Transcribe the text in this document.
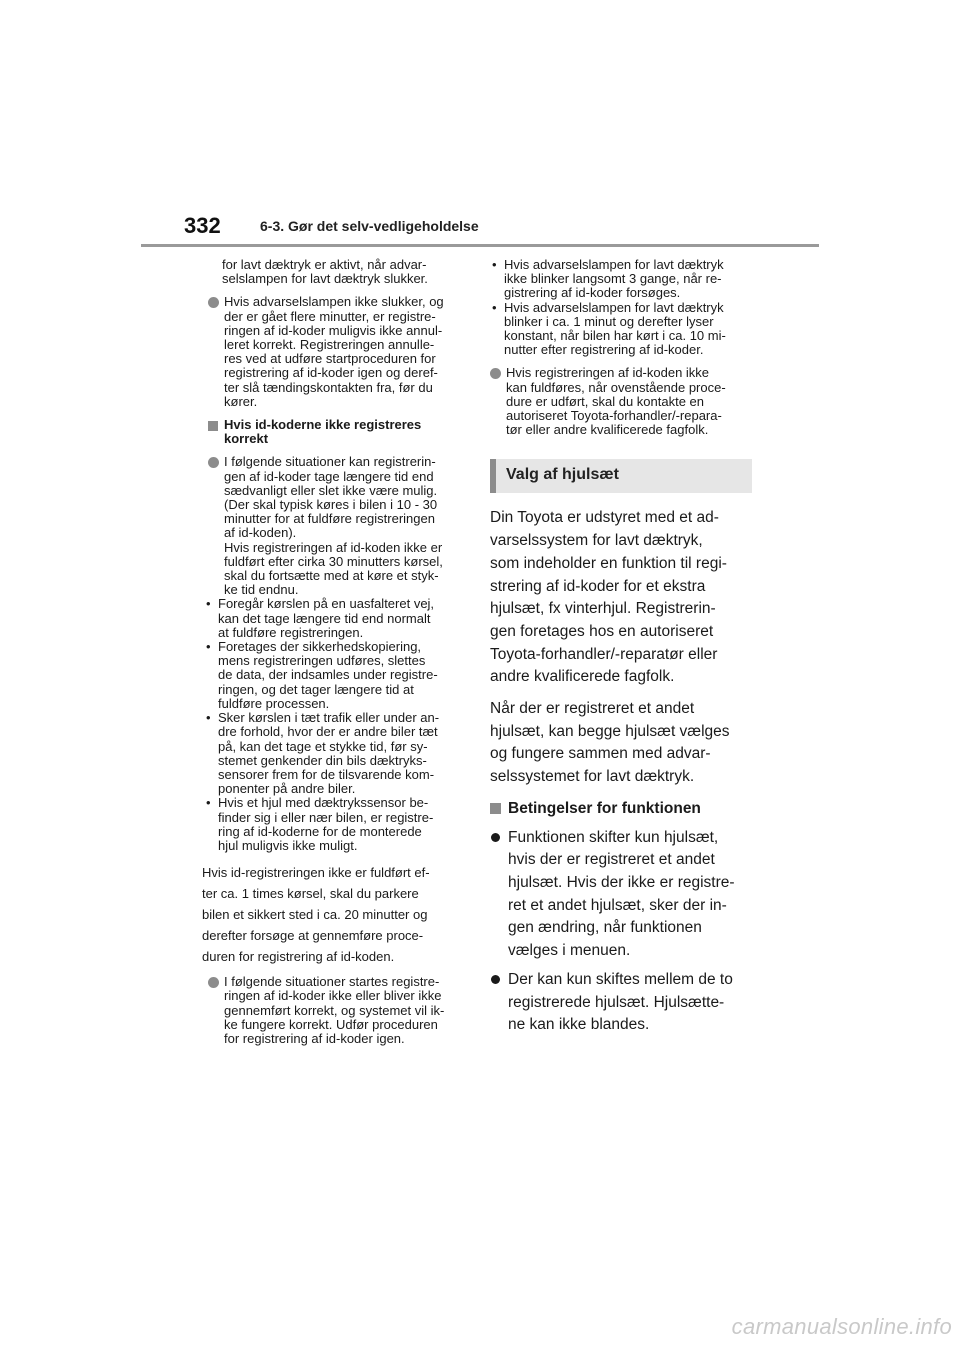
332	6-3. Gør det selv-vedligeholdelse
for lavt dæktryk er aktivt, når advar-
selslampen for lavt dæktryk slukker.
Hvis advarselslampen ikke slukker, og
der er gået flere minutter, er registre-
ringen af id-koder muligvis ikke annul-
leret korrekt. Registreringen annulle-
res ved at udføre startproceduren for
registrering af id-koder igen og deref-
ter slå tændingskontakten fra, før du
kører.
Hvis id-koderne ikke registreres
korrekt
I følgende situationer kan registrerin-
gen af id-koder tage længere tid end
sædvanligt eller slet ikke være mulig.
(Der skal typisk køres i bilen i 10 - 30
minutter for at fuldføre registreringen
af id-koden).
Hvis registreringen af id-koden ikke er
fuldført efter cirka 30 minutters kørsel,
skal du fortsætte med at køre et styk-
ke tid endnu.
• Foregår kørslen på en uasfalteret vej,
kan det tage længere tid end normalt
at fuldføre registreringen.
• Foretages der sikkerhedskopiering,
mens registreringen udføres, slettes
de data, der indsamles under registre-
ringen, og det tager længere tid at
fuldføre processen.
• Sker kørslen i tæt trafik eller under an-
dre forhold, hvor der er andre biler tæt
på, kan det tage et stykke tid, før sy-
stemet genkender din bils dæktryks-
sensorer frem for de tilsvarende kom-
ponenter på andre biler.
• Hvis et hjul med dæktrykssensor be-
finder sig i eller nær bilen, er registre-
ring af id-koderne for de monterede
hjul muligvis ikke muligt.
Hvis id-registreringen ikke er fuldført ef-
ter ca. 1 times kørsel, skal du parkere
bilen et sikkert sted i ca. 20 minutter og
derefter forsøge at gennemføre proce-
duren for registrering af id-koden.
I følgende situationer startes registre-
ringen af id-koder ikke eller bliver ikke
gennemført korrekt, og systemet vil ik-
ke fungere korrekt. Udfør proceduren
for registrering af id-koder igen.
• Hvis advarselslampen for lavt dæktryk
ikke blinker langsomt 3 gange, når re-
gistrering af id-koder forsøges.
• Hvis advarselslampen for lavt dæktryk
blinker i ca. 1 minut og derefter lyser
konstant, når bilen har kørt i ca. 10 mi-
nutter efter registrering af id-koder.
Hvis registreringen af id-koden ikke
kan fuldføres, når ovenstående proce-
dure er udført, skal du kontakte en
autoriseret Toyota-forhandler/-repara-
tør eller andre kvalificerede fagfolk.
Valg af hjulsæt
Din Toyota er udstyret med et ad-
varselssystem for lavt dæktryk,
som indeholder en funktion til regi-
strering af id-koder for et ekstra
hjulsæt, fx vinterhjul. Registrerin-
gen foretages hos en autoriseret
Toyota-forhandler/-reparatør eller
andre kvalificerede fagfolk.
Når der er registreret et andet
hjulsæt, kan begge hjulsæt vælges
og fungere sammen med advar-
selssystemet for lavt dæktryk.
Betingelser for funktionen
Funktionen skifter kun hjulsæt,
hvis der er registreret et andet
hjulsæt. Hvis der ikke er registre-
ret et andet hjulsæt, sker der in-
gen ændring, når funktionen
vælges i menuen.
Der kan kun skiftes mellem de to
registrerede hjulsæt. Hjulsætte-
ne kan ikke blandes.
carmanualsonline.info
